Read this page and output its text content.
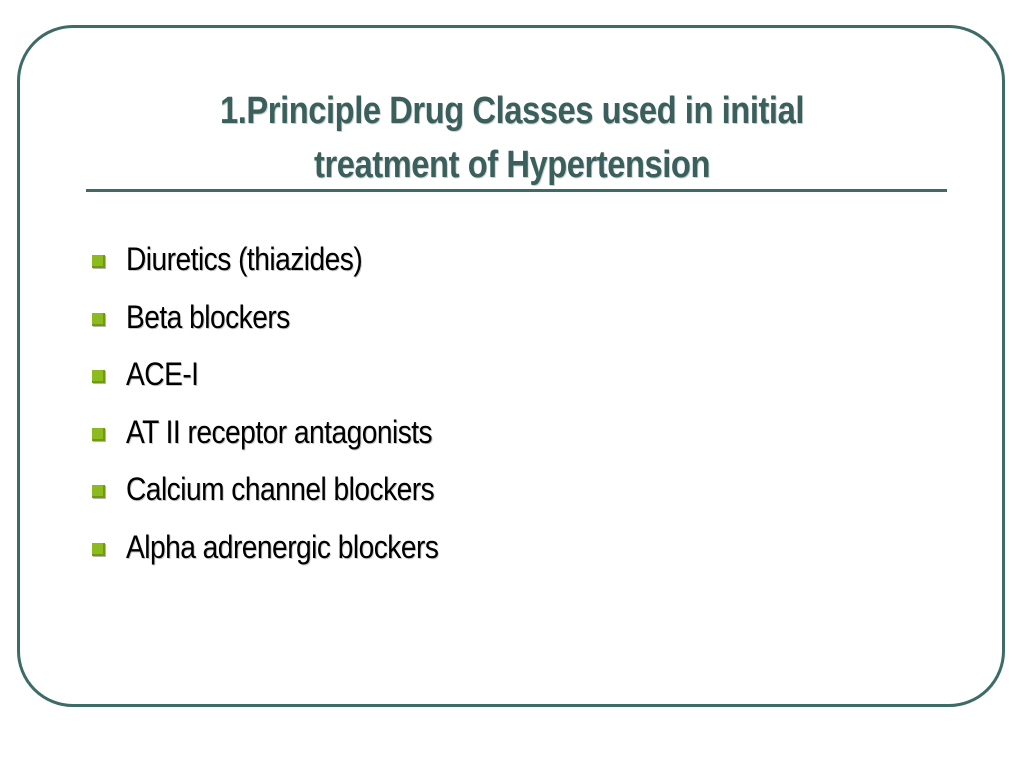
1.Principle Drug Classes used in initial
treatment of Hypertension
Diuretics (thiazides)
Beta blockers
ACE-I
AT II receptor antagonists
Calcium channel blockers
Alpha adrenergic blockers
